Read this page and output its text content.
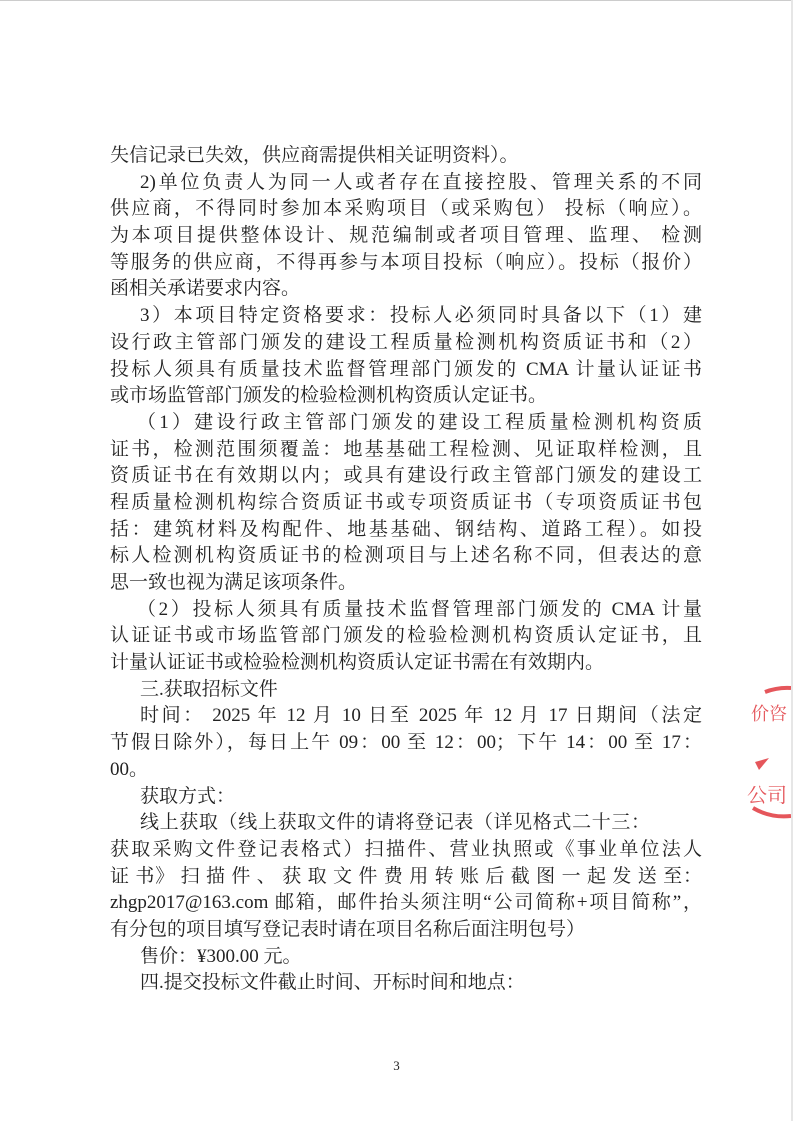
失信记录已失效，供应商需提供相关证明资料）。
2)单位负责人为同一人或者存在直接控股、管理关系的不同
供应商，不得同时参加本采购项目（或采购包） 投标（响应）。
为本项目提供整体设计、规范编制或者项目管理、监理、 检测
等服务的供应商，不得再参与本项目投标（响应）。投标（报价）
函相关承诺要求内容。
3）本项目特定资格要求：投标人必须同时具备以下（1）建
设行政主管部门颁发的建设工程质量检测机构资质证书和（2）
投标人须具有质量技术监督管理部门颁发的 CMA 计量认证证书
或市场监管部门颁发的检验检测机构资质认定证书。
（1）建设行政主管部门颁发的建设工程质量检测机构资质
证书，检测范围须覆盖：地基基础工程检测、见证取样检测，且
资质证书在有效期以内；或具有建设行政主管部门颁发的建设工
程质量检测机构综合资质证书或专项资质证书（专项资质证书包
括：建筑材料及构配件、地基基础、钢结构、道路工程）。如投
标人检测机构资质证书的检测项目与上述名称不同，但表达的意
思一致也视为满足该项条件。
（2）投标人须具有质量技术监督管理部门颁发的 CMA 计量
认证证书或市场监管部门颁发的检验检测机构资质认定证书，且
计量认证证书或检验检测机构资质认定证书需在有效期内。
三.获取招标文件
时间： 2025 年 12 月 10 日至 2025 年 12 月 17 日期间（法定
节假日除外），每日上午 09：00 至 12：00；下午 14：00 至 17：
00。
获取方式：
线上获取（线上获取文件的请将登记表（详见格式二十三：
获取采购文件登记表格式）扫描件、营业执照或《事业单位法人
证 书》 扫 描 件 、 获 取 文 件 费 用 转 账 后 截 图 一 起 发 送 至：
zhgp2017@163.com 邮箱，邮件抬头须注明“公司简称+项目简称”，
有分包的项目填写登记表时请在项目名称后面注明包号）
售价：¥300.00 元。
四.提交投标文件截止时间、开标时间和地点：
3
价咨
公司
